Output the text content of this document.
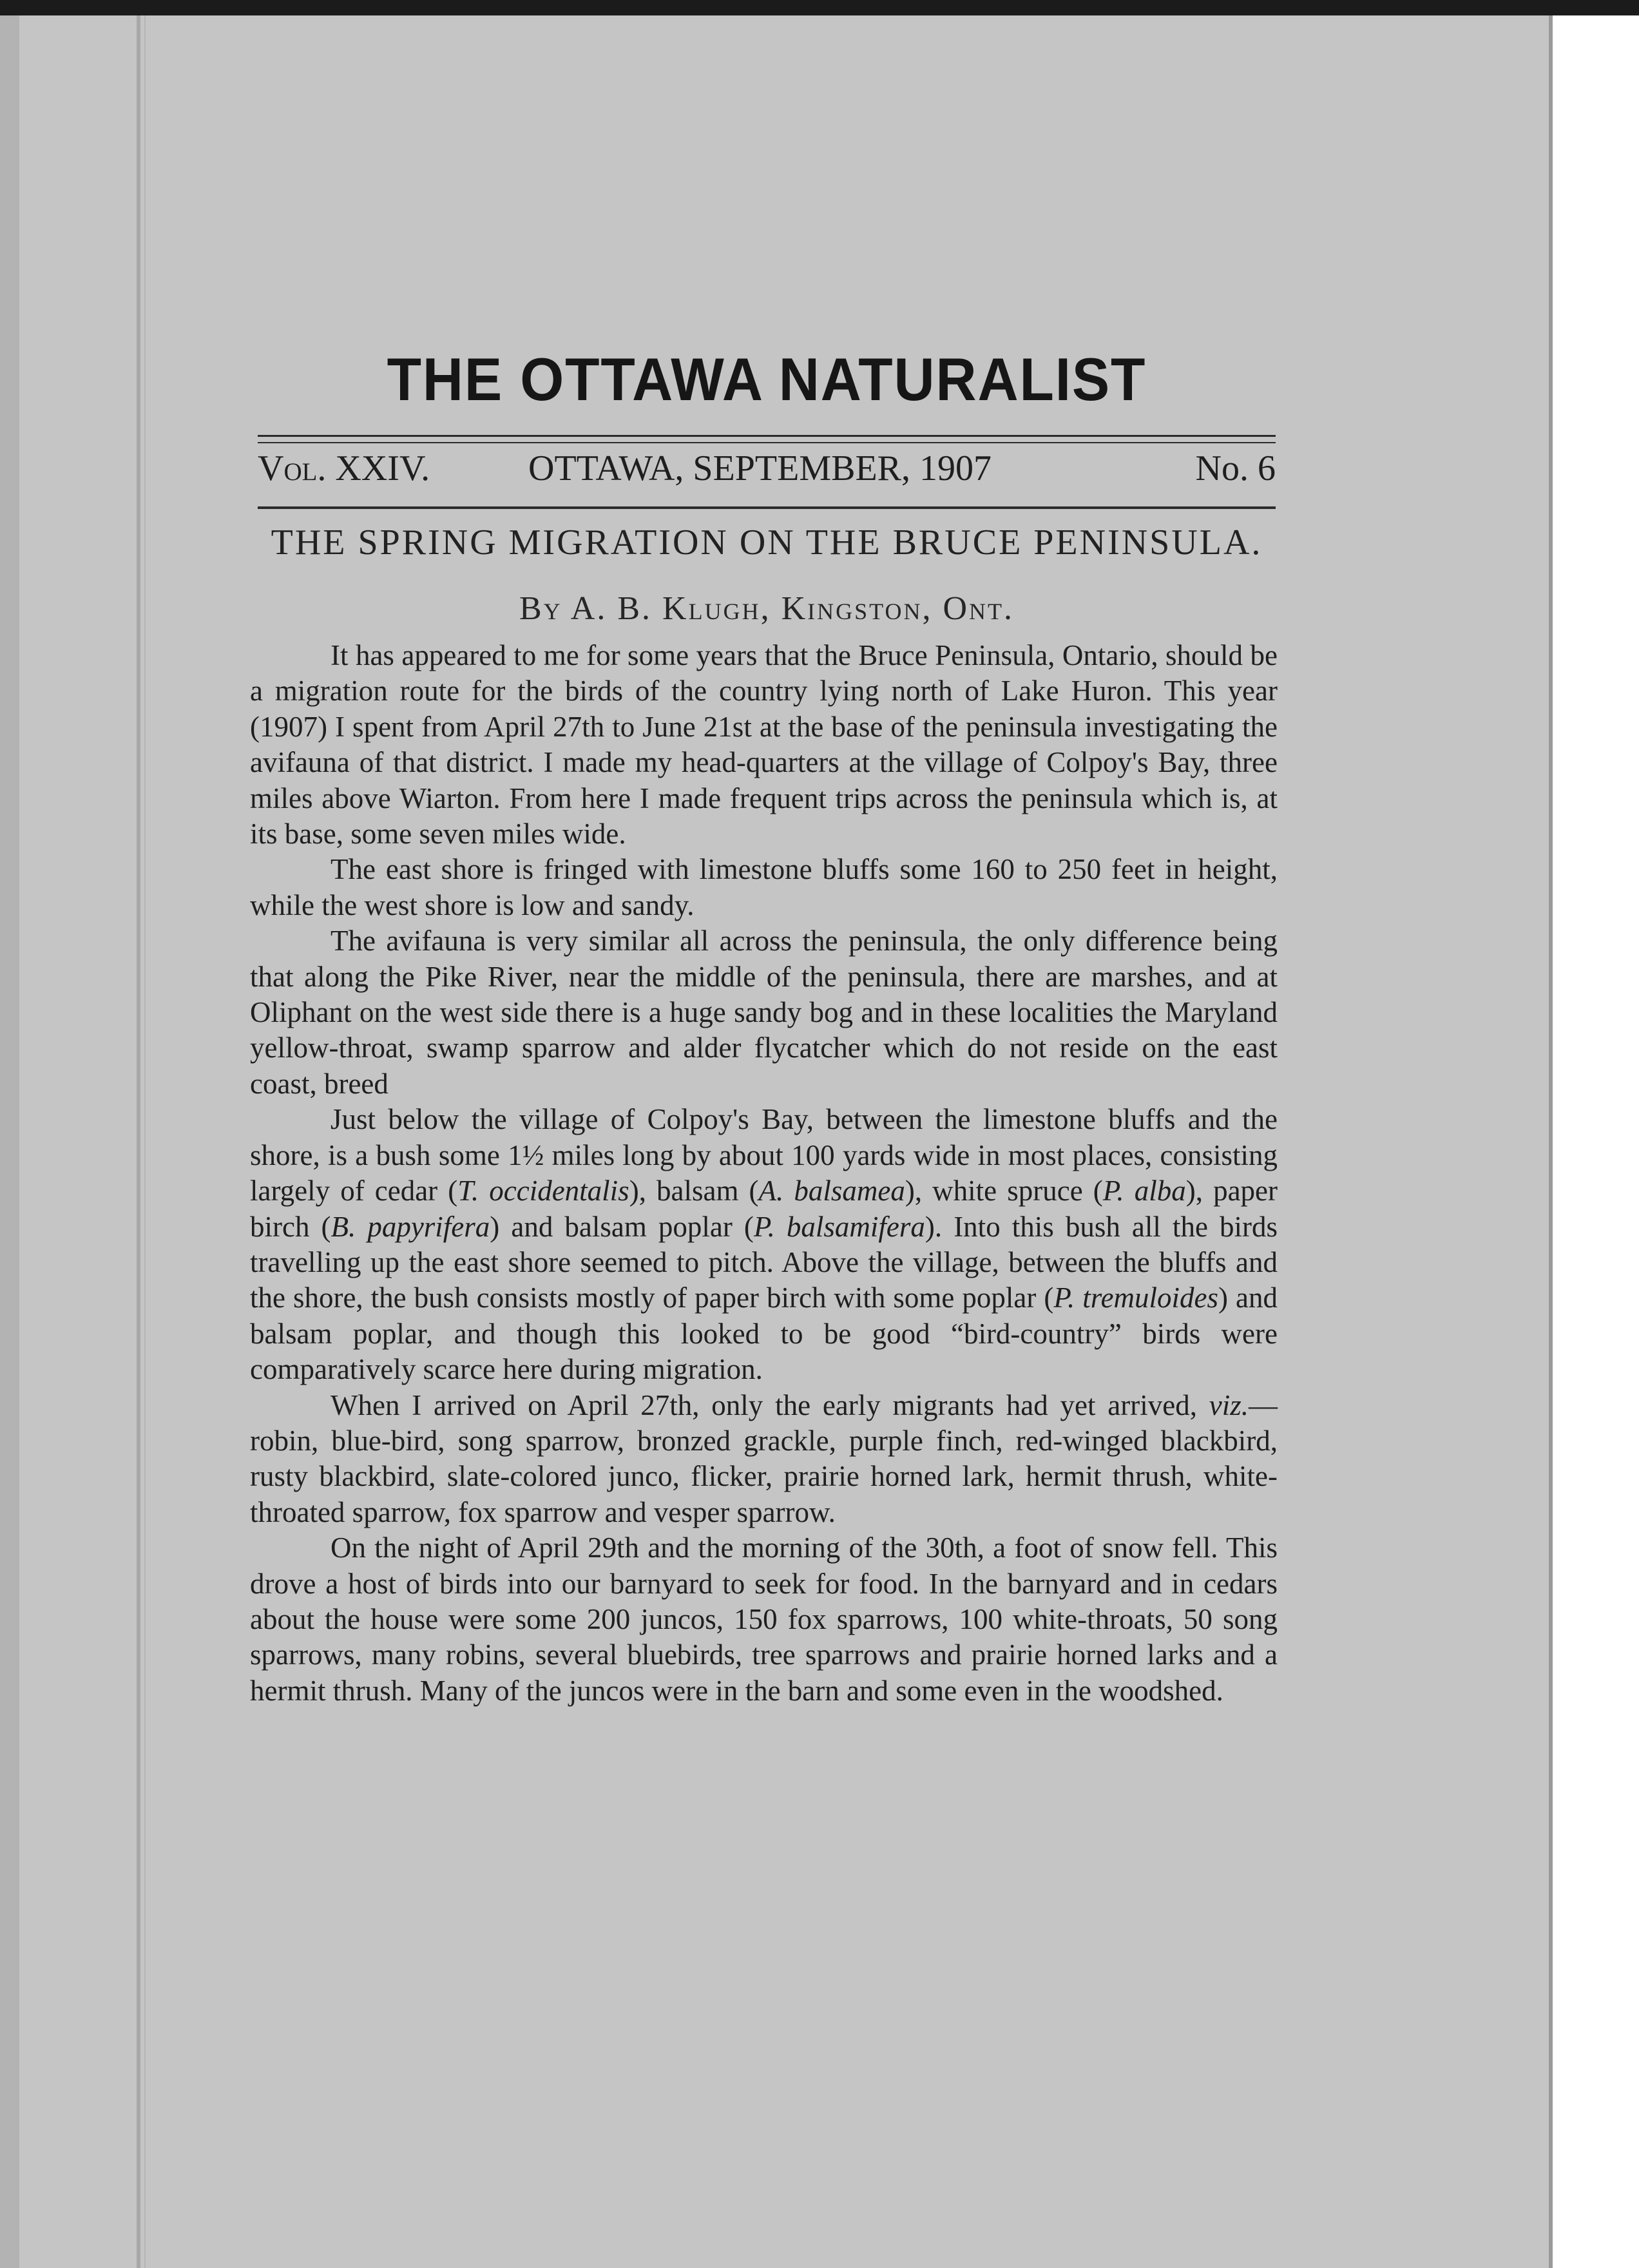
THE OTTAWA NATURALIST
Vol. XXIV.	OTTAWA, SEPTEMBER, 1907	No. 6
THE SPRING MIGRATION ON THE BRUCE PENINSULA.
By A. B. Klugh, Kingston, Ont.

It has appeared to me for some years that the Bruce Peninsula, Ontario, should be a migration route for the birds of the country lying north of Lake Huron. This year (1907) I spent from April 27th to June 21st at the base of the peninsula investigating the avifauna of that district. I made my head-quarters at the village of Colpoy's Bay, three miles above Wiarton. From here I made frequent trips across the peninsula which is, at its base, some seven miles wide.

The east shore is fringed with limestone bluffs some 160 to 250 feet in height, while the west shore is low and sandy.

The avifauna is very similar all across the peninsula, the only difference being that along the Pike River, near the middle of the peninsula, there are marshes, and at Oliphant on the west side there is a huge sandy bog and in these localities the Maryland yellow-throat, swamp sparrow and alder flycatcher which do not reside on the east coast, breed

Just below the village of Colpoy's Bay, between the limestone bluffs and the shore, is a bush some 1½ miles long by about 100 yards wide in most places, consisting largely of cedar (T. occidentalis), balsam (A. balsamea), white spruce (P. alba), paper birch (B. papyrifera) and balsam poplar (P. balsamifera). Into this bush all the birds travelling up the east shore seemed to pitch. Above the village, between the bluffs and the shore, the bush consists mostly of paper birch with some poplar (P. tremuloides) and balsam poplar, and though this looked to be good “bird-country” birds were comparatively scarce here during migration.

When I arrived on April 27th, only the early migrants had yet arrived, viz.—robin, blue-bird, song sparrow, bronzed grackle, purple finch, red-winged blackbird, rusty blackbird, slate-colored junco, flicker, prairie horned lark, hermit thrush, white-throated sparrow, fox sparrow and vesper sparrow.

On the night of April 29th and the morning of the 30th, a foot of snow fell. This drove a host of birds into our barnyard to seek for food. In the barnyard and in cedars about the house were some 200 juncos, 150 fox sparrows, 100 white-throats, 50 song sparrows, many robins, several bluebirds, tree sparrows and prairie horned larks and a hermit thrush. Many of the juncos were in the barn and some even in the woodshed.
